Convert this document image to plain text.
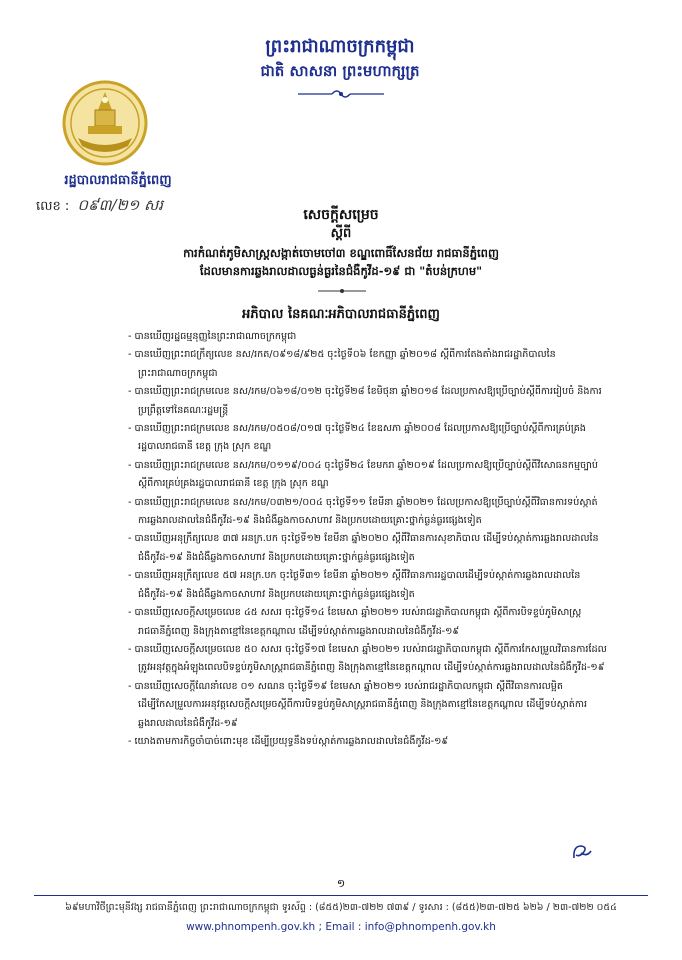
ព្រះរាជាណាចក្រកម្ពុជា
ជាតិ សាសនា ព្រះមហាក្សត្រ
រដ្ឋបាលរាជធានីភ្នំពេញ
លេខ : ០៩៣/២១ សរ
សេចក្តីសម្រេច
ស្តីពី
ការកំណត់ភូមិសាស្ត្រសង្កាត់ចោមចៅ៣ ខណ្ឌពោធិ៍សែនជ័យ រាជធានីភ្នំពេញ
ដែលមានការឆ្លងរាលដាលធ្ងន់ធ្ងរនៃជំងឺកូវីដ-១៩ ជា "តំបន់ក្រហម"
អភិបាល នៃគណៈអភិបាលរាជធានីភ្នំពេញ
- បានឃើញរដ្ឋធម្មនុញ្ញនៃព្រះរាជាណាចក្រកម្ពុជា
- បានឃើញព្រះរាជក្រឹត្យលេខ នស/រកត/០៩១៨/៩២៥ ចុះថ្ងៃទី០៦ ខែកញ្ញា ឆ្នាំ២០១៨ ស្តីពីការតែងតាំងរាជរដ្ឋាភិបាលនៃព្រះរាជាណាចក្រកម្ពុជា
- បានឃើញព្រះរាជក្រមលេខ នស/រកម/០៦១៨/០១២ ចុះថ្ងៃទី២៨ ខែមិថុនា ឆ្នាំ២០១៨ ដែលប្រកាសឱ្យប្រើច្បាប់ស្តីពីការរៀបចំ និងការប្រព្រឹត្តទៅនៃគណៈរដ្ឋមន្ត្រី
- បានឃើញព្រះរាជក្រមលេខ នស/រកម/០៥០៨/០១៧ ចុះថ្ងៃទី២៤ ខែឧសភា ឆ្នាំ២០០៨ ដែលប្រកាសឱ្យប្រើច្បាប់ស្តីពីការគ្រប់គ្រងរដ្ឋបាលរាជធានី ខេត្ត ក្រុង ស្រុក ខណ្ឌ
- បានឃើញព្រះរាជក្រមលេខ នស/រកម/០១១៩/០០៤ ចុះថ្ងៃទី២៤ ខែមករា ឆ្នាំ២០១៩ ដែលប្រកាសឱ្យប្រើច្បាប់ស្តីពីវិសោធនកម្មច្បាប់ស្តីពីការគ្រប់គ្រងរដ្ឋបាលរាជធានី ខេត្ត ក្រុង ស្រុក ខណ្ឌ
- បានឃើញព្រះរាជក្រមលេខ នស/រកម/០៣២១/០០៤ ចុះថ្ងៃទី១១ ខែមីនា ឆ្នាំ២០២១ ដែលប្រកាសឱ្យប្រើច្បាប់ស្តីពីវិធានការទប់ស្កាត់ការឆ្លងរាលដាលនៃជំងឺកូវីដ-១៩ និងជំងឺឆ្លងកាចសាហាវ និងប្រកបដោយគ្រោះថ្នាក់ធ្ងន់ធ្ងរផ្សេងទៀត
- បានឃើញអនុក្រឹត្យលេខ ៣៧ អនក្រ.បក ចុះថ្ងៃទី១២ ខែមីនា ឆ្នាំ២០២០ ស្តីពីវិធានការសុខាភិបាល ដើម្បីទប់ស្កាត់ការឆ្លងរាលដាលនៃជំងឺកូវីដ-១៩ និងជំងឺឆ្លងកាចសាហាវ និងប្រកបដោយគ្រោះថ្នាក់ធ្ងន់ធ្ងរផ្សេងទៀត
- បានឃើញអនុក្រឹត្យលេខ ៥៧ អនក្រ.បក ចុះថ្ងៃទី៣១ ខែមីនា ឆ្នាំ២០២១ ស្តីពីវិធានការរដ្ឋបាលដើម្បីទប់ស្កាត់ការឆ្លងរាលដាលនៃជំងឺកូវីដ-១៩ និងជំងឺឆ្លងកាចសាហាវ និងប្រកបដោយគ្រោះថ្នាក់ធ្ងន់ធ្ងរផ្សេងទៀត
- បានឃើញសេចក្តីសម្រេចលេខ ៤៥ សសរ ចុះថ្ងៃទី១៤ ខែមេសា ឆ្នាំ២០២១ របស់រាជរដ្ឋាភិបាលកម្ពុជា ស្តីពីការបិទខ្ទប់ភូមិសាស្ត្ររាជធានីភ្នំពេញ និងក្រុងតាខ្មៅនៃខេត្តកណ្តាល ដើម្បីទប់ស្កាត់ការឆ្លងរាលដាលនៃជំងឺកូវីដ-១៩
- បានឃើញសេចក្តីសម្រេចលេខ ៥០ សសរ ចុះថ្ងៃទី១៧ ខែមេសា ឆ្នាំ២០២១ របស់រាជរដ្ឋាភិបាលកម្ពុជា ស្តីពីការកែសម្រួលវិធានការដែលត្រូវអនុវត្តក្នុងអំឡុងពេលបិទខ្ទប់ភូមិសាស្ត្ររាជធានីភ្នំពេញ និងក្រុងតាខ្មៅនៃខេត្តកណ្តាល ដើម្បីទប់ស្កាត់ការឆ្លងរាលដាលនៃជំងឺកូវីដ-១៩
- បានឃើញសេចក្តីណែនាំលេខ ០១ សណន ចុះថ្ងៃទី១៩ ខែមេសា ឆ្នាំ២០២១ របស់រាជរដ្ឋាភិបាលកម្ពុជា ស្តីពីវិធានការលម្អិតដើម្បីកែសម្រួលការអនុវត្តសេចក្តីសម្រេចស្តីពីការបិទខ្ទប់ភូមិសាស្ត្ររាជធានីភ្នំពេញ និងក្រុងតាខ្មៅនៃខេត្តកណ្តាល ដើម្បីទប់ស្កាត់ការឆ្លងរាលដាលនៃជំងឺកូវីដ-១៩
- យោងតាមការកិច្ចចាំបាច់ពោះមុខ ដើម្បីប្រយុទ្ធនឹងទប់ស្កាត់ការឆ្លងរាលដាលនៃជំងឺកូវីដ-១៩
១
៦៩មហាវិថីព្រះមុនីវង្ស រាជធានីភ្នំពេញ ព្រះរាជាណាចក្រកម្ពុជា ទូរស័ព្ទ : (៨៥៥)២៣-៧២២ ៧៣៩ / ទូរសារ : (៨៥៥)២៣-៧២៥ ៦២៦ / ២៣-៧២២ ០៥៤
www.phnompenh.gov.kh ; Email : info@phnompenh.gov.kh
